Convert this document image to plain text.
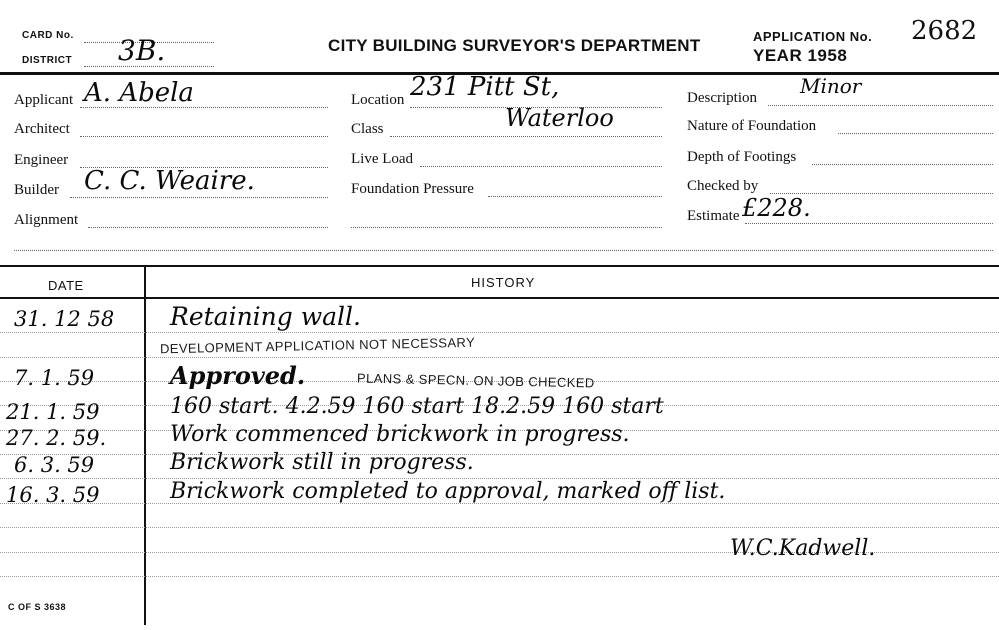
CARD No.
DISTRICT 3B.	CITY BUILDING SURVEYOR'S DEPARTMENT	APPLICATION No. 2682
YEAR 1958
Applicant A. Abela
Architect
Engineer
Builder C. C. Weaire.
Alignment
Location 231 Pitt St,
Class	Waterloo
Live Load
Foundation Pressure
Description Minor
Nature of Foundation
Depth of Footings
Checked by
Estimate £228.
DATE	HISTORY
31. 12 58 Retaining wall.
DEVELOPMENT APPLICATION NOT NECESSARY
7. 1. 59	Approved.	PLANS & SPECN. ON JOB CHECKED
21. 1. 59	160 start. 4.2.59 160 start 18.2.59 160 start
27. 2. 59.	Work commenced brickwork in progress.
6. 3. 59	Brickwork still in progress.
16. 3. 59	Brickwork completed to approval, marked off list.
W.C.Kadwell.
C OF S 3638
